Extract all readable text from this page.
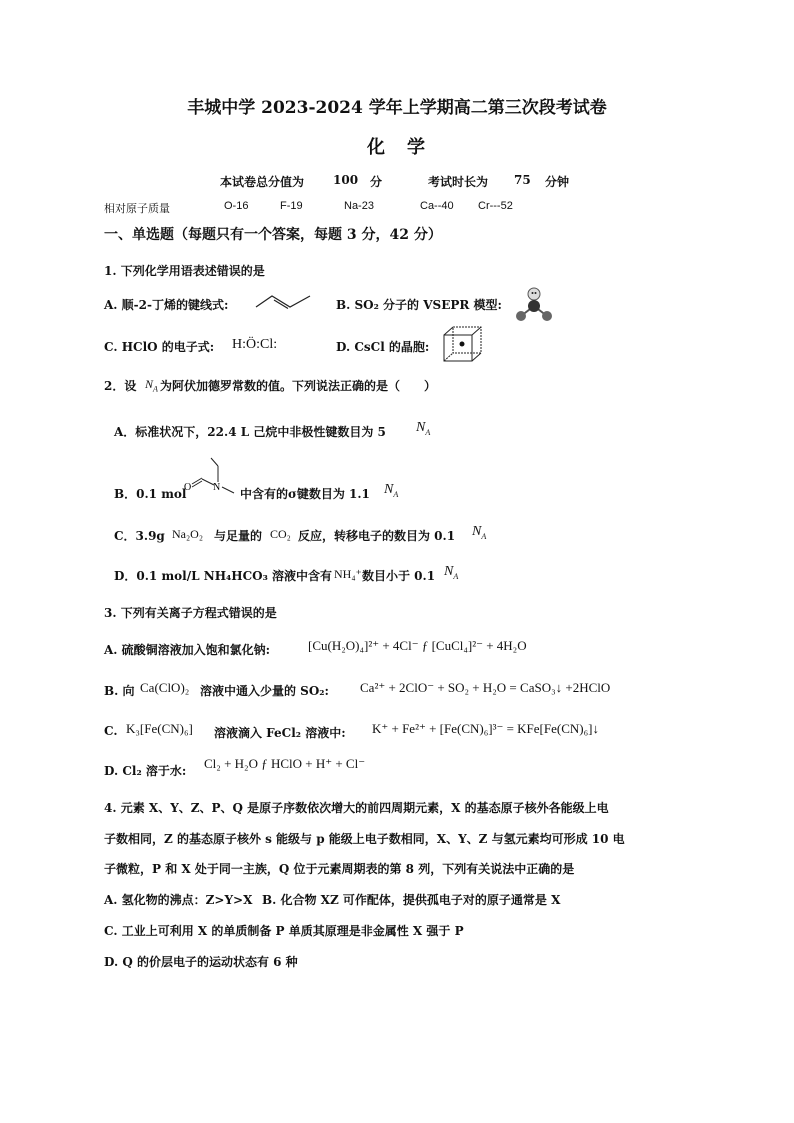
丰城中学 2023-2024 学年上学期高二第三次段考试卷
化　学
本试卷总分值为 100 分	考试时长为 75 分钟
相对原子质量	O-16	F-19	Na-23	Ca--40 Cr---52
一、单选题（每题只有一个答案，每题 3 分，42 分）
1. 下列化学用语表述错误的是
A. 顺-2-丁烯的键线式:	B. SO₂ 分子的 VSEPR 模型:
C. HClO 的电子式: H:Ö:Cl:	D. CsCl 的晶胞:
2．设 $N_A$ 为阿伏加德罗常数的值。下列说法正确的是（　　）
A．标准状况下，22.4 L 己烷中非极性键数目为 5 $N_A$
B．0.1 mol
O N 中含有的σ键数目为 1.1 $N_A$
C．3.9g Na₂O₂ 与足量的 CO₂ 反应，转移电子的数目为 0.1 $N_A$
D．0.1 mol/L NH₄HCO₃ 溶液中含有 NH₄⁺ 数目小于 0.1 $N_A$
3. 下列有关离子方程式错误的是
A. 硫酸铜溶液加入饱和氯化钠:	[Cu(H₂O)₄]²⁺ + 4Cl⁻ ƒ [CuCl₄]²⁻ + 4H₂O
B. 向 Ca(ClO)₂ 溶液中通入少量的 SO₂: Ca²⁺ + 2ClO⁻ + SO₂ + H₂O = CaSO₃↓ +2HClO
C. K₃[Fe(CN)₆] 溶液滴入 FeCl₂ 溶液中: K⁺ + Fe²⁺ + [Fe(CN)₆]³⁻ = KFe[Fe(CN)₆]↓
D. Cl₂ 溶于水: Cl₂ + H₂O ƒ HClO + H⁺ + Cl⁻
4. 元素 X、Y、Z、P、Q 是原子序数依次增大的前四周期元素，X 的基态原子核外各能级上电
子数相同，Z 的基态原子核外 s 能级与 p 能级上电子数相同，X、Y、Z 与氢元素均可形成 10 电
子微粒，P 和 X 处于同一主族，Q 位于元素周期表的第 8 列，下列有关说法中正确的是
A. 氢化物的沸点：Z>Y>X B. 化合物 XZ 可作配体，提供孤电子对的原子通常是 X
C. 工业上可利用 X 的单质制备 P 单质其原理是非金属性 X 强于 P
D. Q 的价层电子的运动状态有 6 种
